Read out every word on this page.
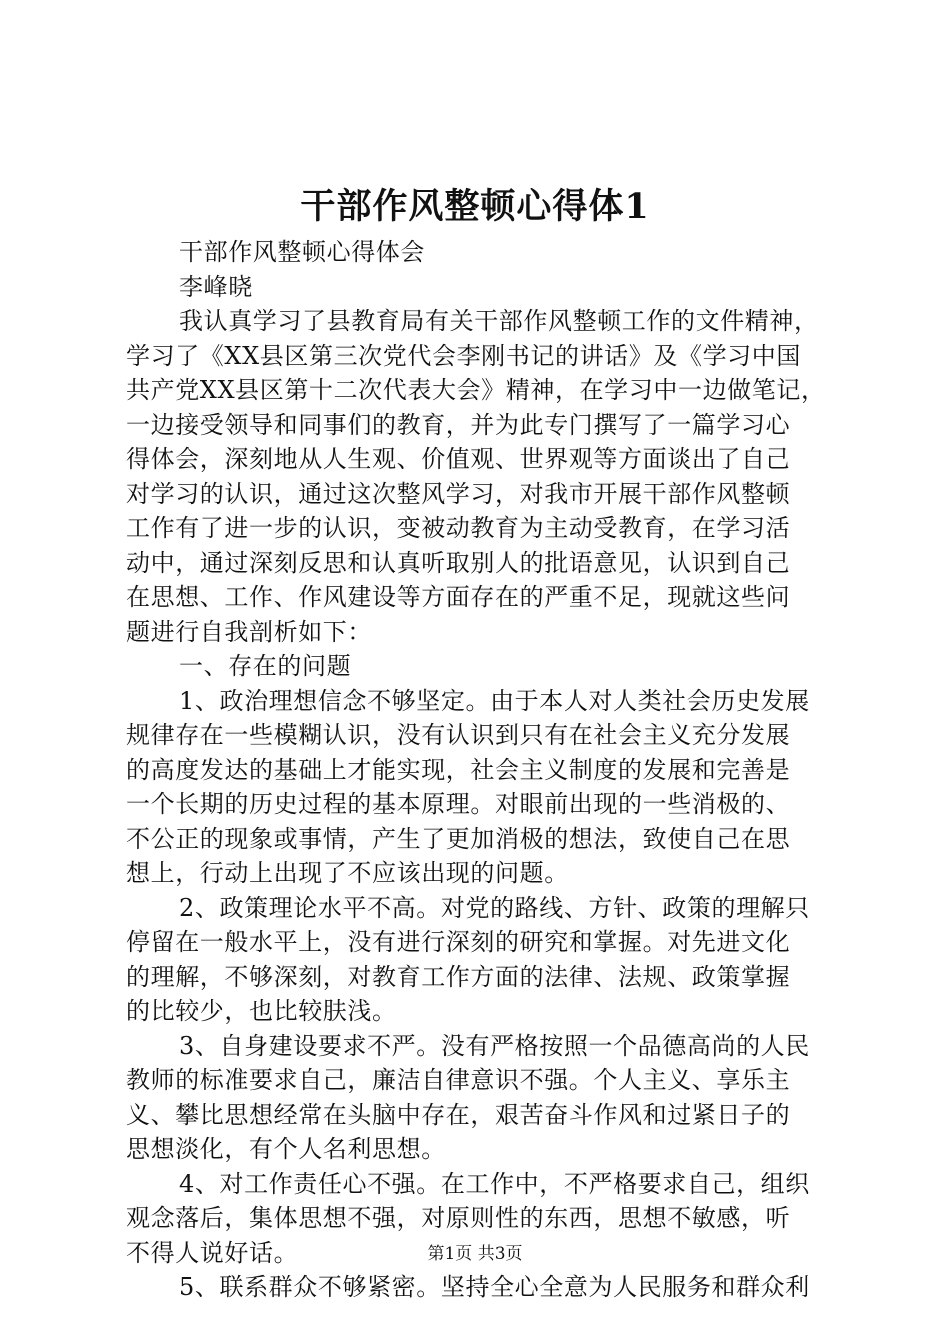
干部作风整顿心得体1
干部作风整顿心得体会
李峰晓
我认真学习了县教育局有关干部作风整顿工作的文件精神，
学习了《XX县区第三次党代会李刚书记的讲话》及《学习中国
共产党XX县区第十二次代表大会》精神，在学习中一边做笔记，
一边接受领导和同事们的教育，并为此专门撰写了一篇学习心
得体会，深刻地从人生观、价值观、世界观等方面谈出了自己
对学习的认识，通过这次整风学习，对我市开展干部作风整顿
工作有了进一步的认识，变被动教育为主动受教育，在学习活
动中，通过深刻反思和认真听取别人的批语意见，认识到自己
在思想、工作、作风建设等方面存在的严重不足，现就这些问
题进行自我剖析如下：
一、存在的问题
1、政治理想信念不够坚定。由于本人对人类社会历史发展
规律存在一些模糊认识，没有认识到只有在社会主义充分发展
的高度发达的基础上才能实现，社会主义制度的发展和完善是
一个长期的历史过程的基本原理。对眼前出现的一些消极的、
不公正的现象或事情，产生了更加消极的想法，致使自己在思
想上，行动上出现了不应该出现的问题。
2、政策理论水平不高。对党的路线、方针、政策的理解只
停留在一般水平上，没有进行深刻的研究和掌握。对先进文化
的理解，不够深刻，对教育工作方面的法律、法规、政策掌握
的比较少，也比较肤浅。
3、自身建设要求不严。没有严格按照一个品德高尚的人民
教师的标准要求自己，廉洁自律意识不强。个人主义、享乐主
义、攀比思想经常在头脑中存在，艰苦奋斗作风和过紧日子的
思想淡化，有个人名利思想。
4、对工作责任心不强。在工作中，不严格要求自己，组织
观念落后，集体思想不强，对原则性的东西，思想不敏感，听
不得人说好话。
5、联系群众不够紧密。坚持全心全意为人民服务和群众利
第1页 共3页
